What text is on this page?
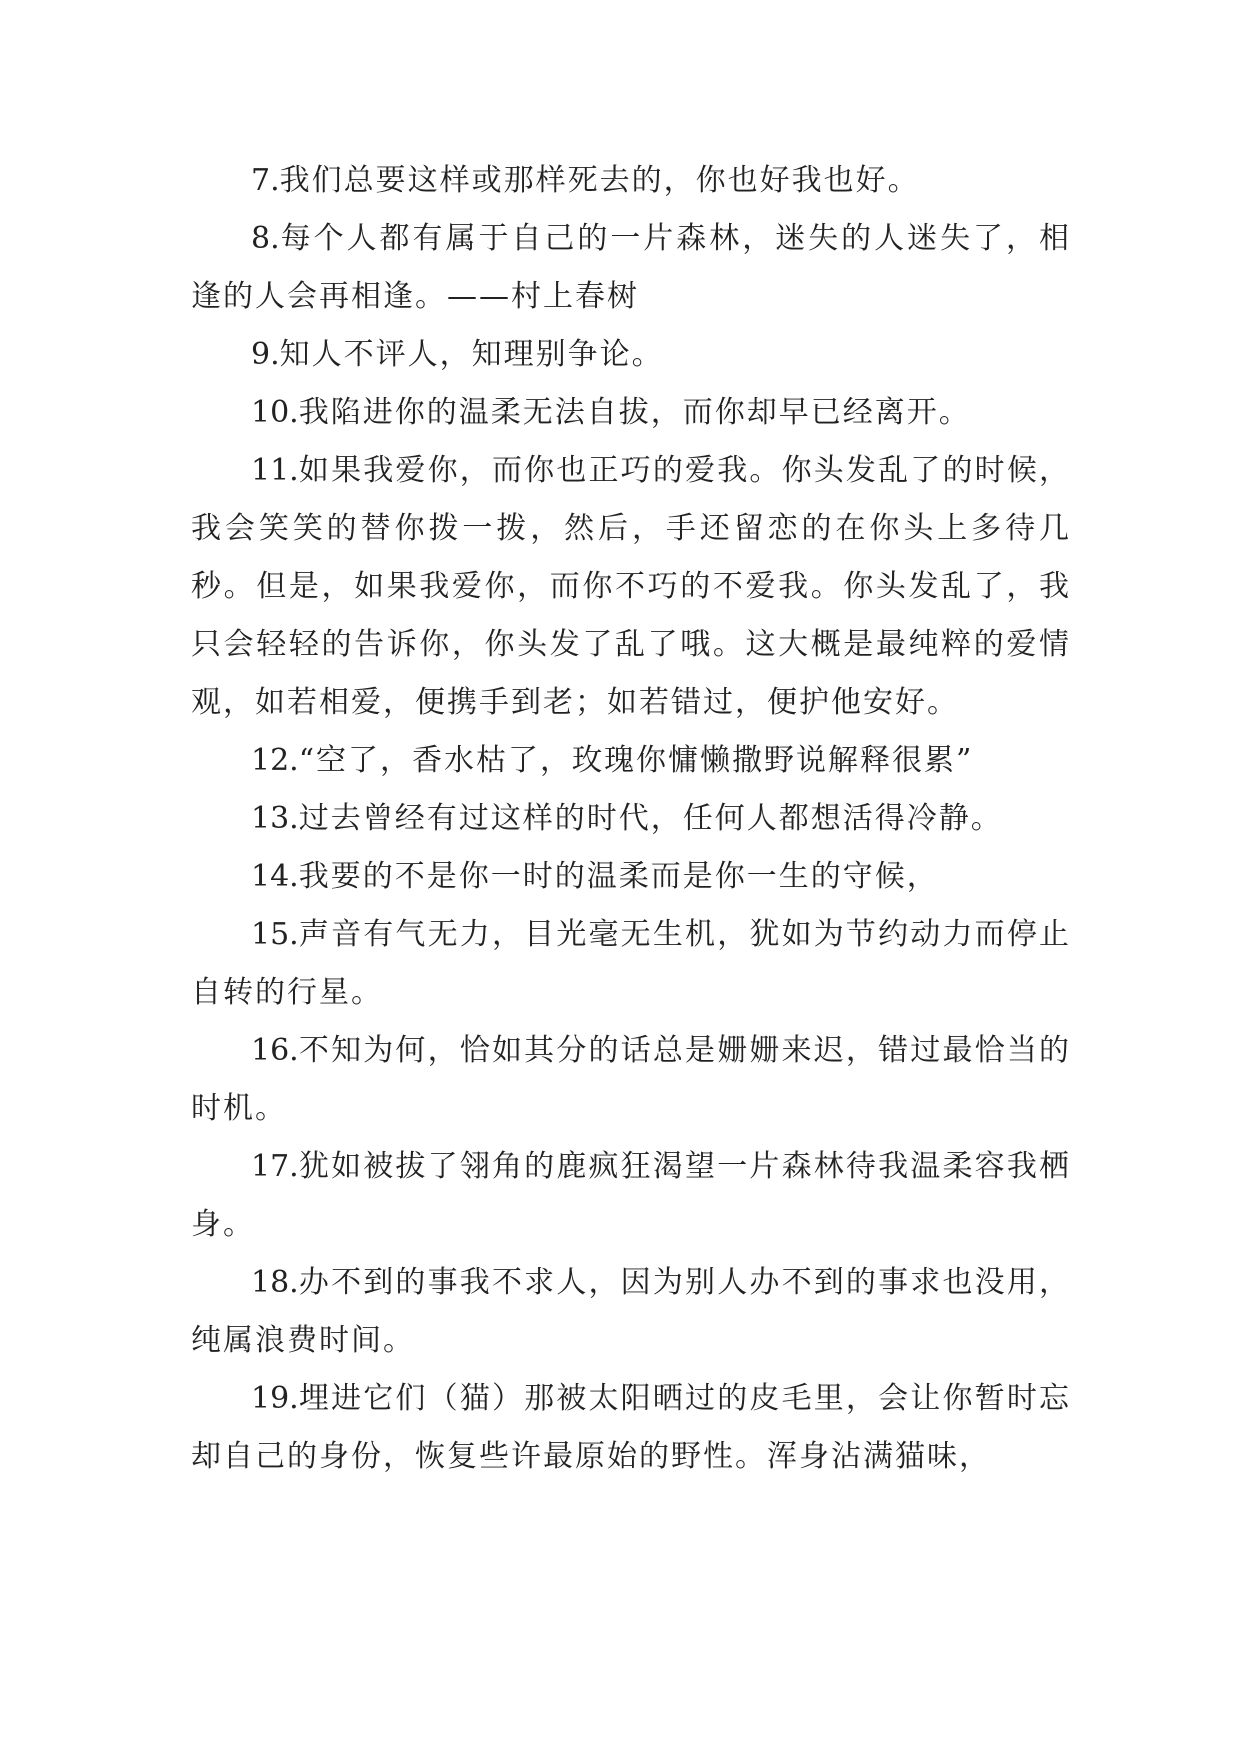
7.我们总要这样或那样死去的，你也好我也好。

8.每个人都有属于自己的一片森林，迷失的人迷失了，相逢的人会再相逢。——村上春树

9.知人不评人，知理别争论。

10.我陷进你的温柔无法自拔，而你却早已经离开。

11.如果我爱你，而你也正巧的爱我。你头发乱了的时候，我会笑笑的替你拨一拨，然后，手还留恋的在你头上多待几秒。但是，如果我爱你，而你不巧的不爱我。你头发乱了，我只会轻轻的告诉你，你头发了乱了哦。这大概是最纯粹的爱情观，如若相爱，便携手到老；如若错过，便护他安好。

12.“空了，香水枯了，玫瑰你慵懒撒野说解释很累”

13.过去曾经有过这样的时代，任何人都想活得冷静。

14.我要的不是你一时的温柔而是你一生的守候，

15.声音有气无力，目光毫无生机，犹如为节约动力而停止自转的行星。

16.不知为何，恰如其分的话总是姗姗来迟，错过最恰当的时机。

17.犹如被拔了翎角的鹿疯狂渴望一片森林待我温柔容我栖身。

18.办不到的事我不求人，因为别人办不到的事求也没用，纯属浪费时间。

19.埋进它们（猫）那被太阳晒过的皮毛里，会让你暂时忘却自己的身份，恢复些许最原始的野性。浑身沾满猫味，
